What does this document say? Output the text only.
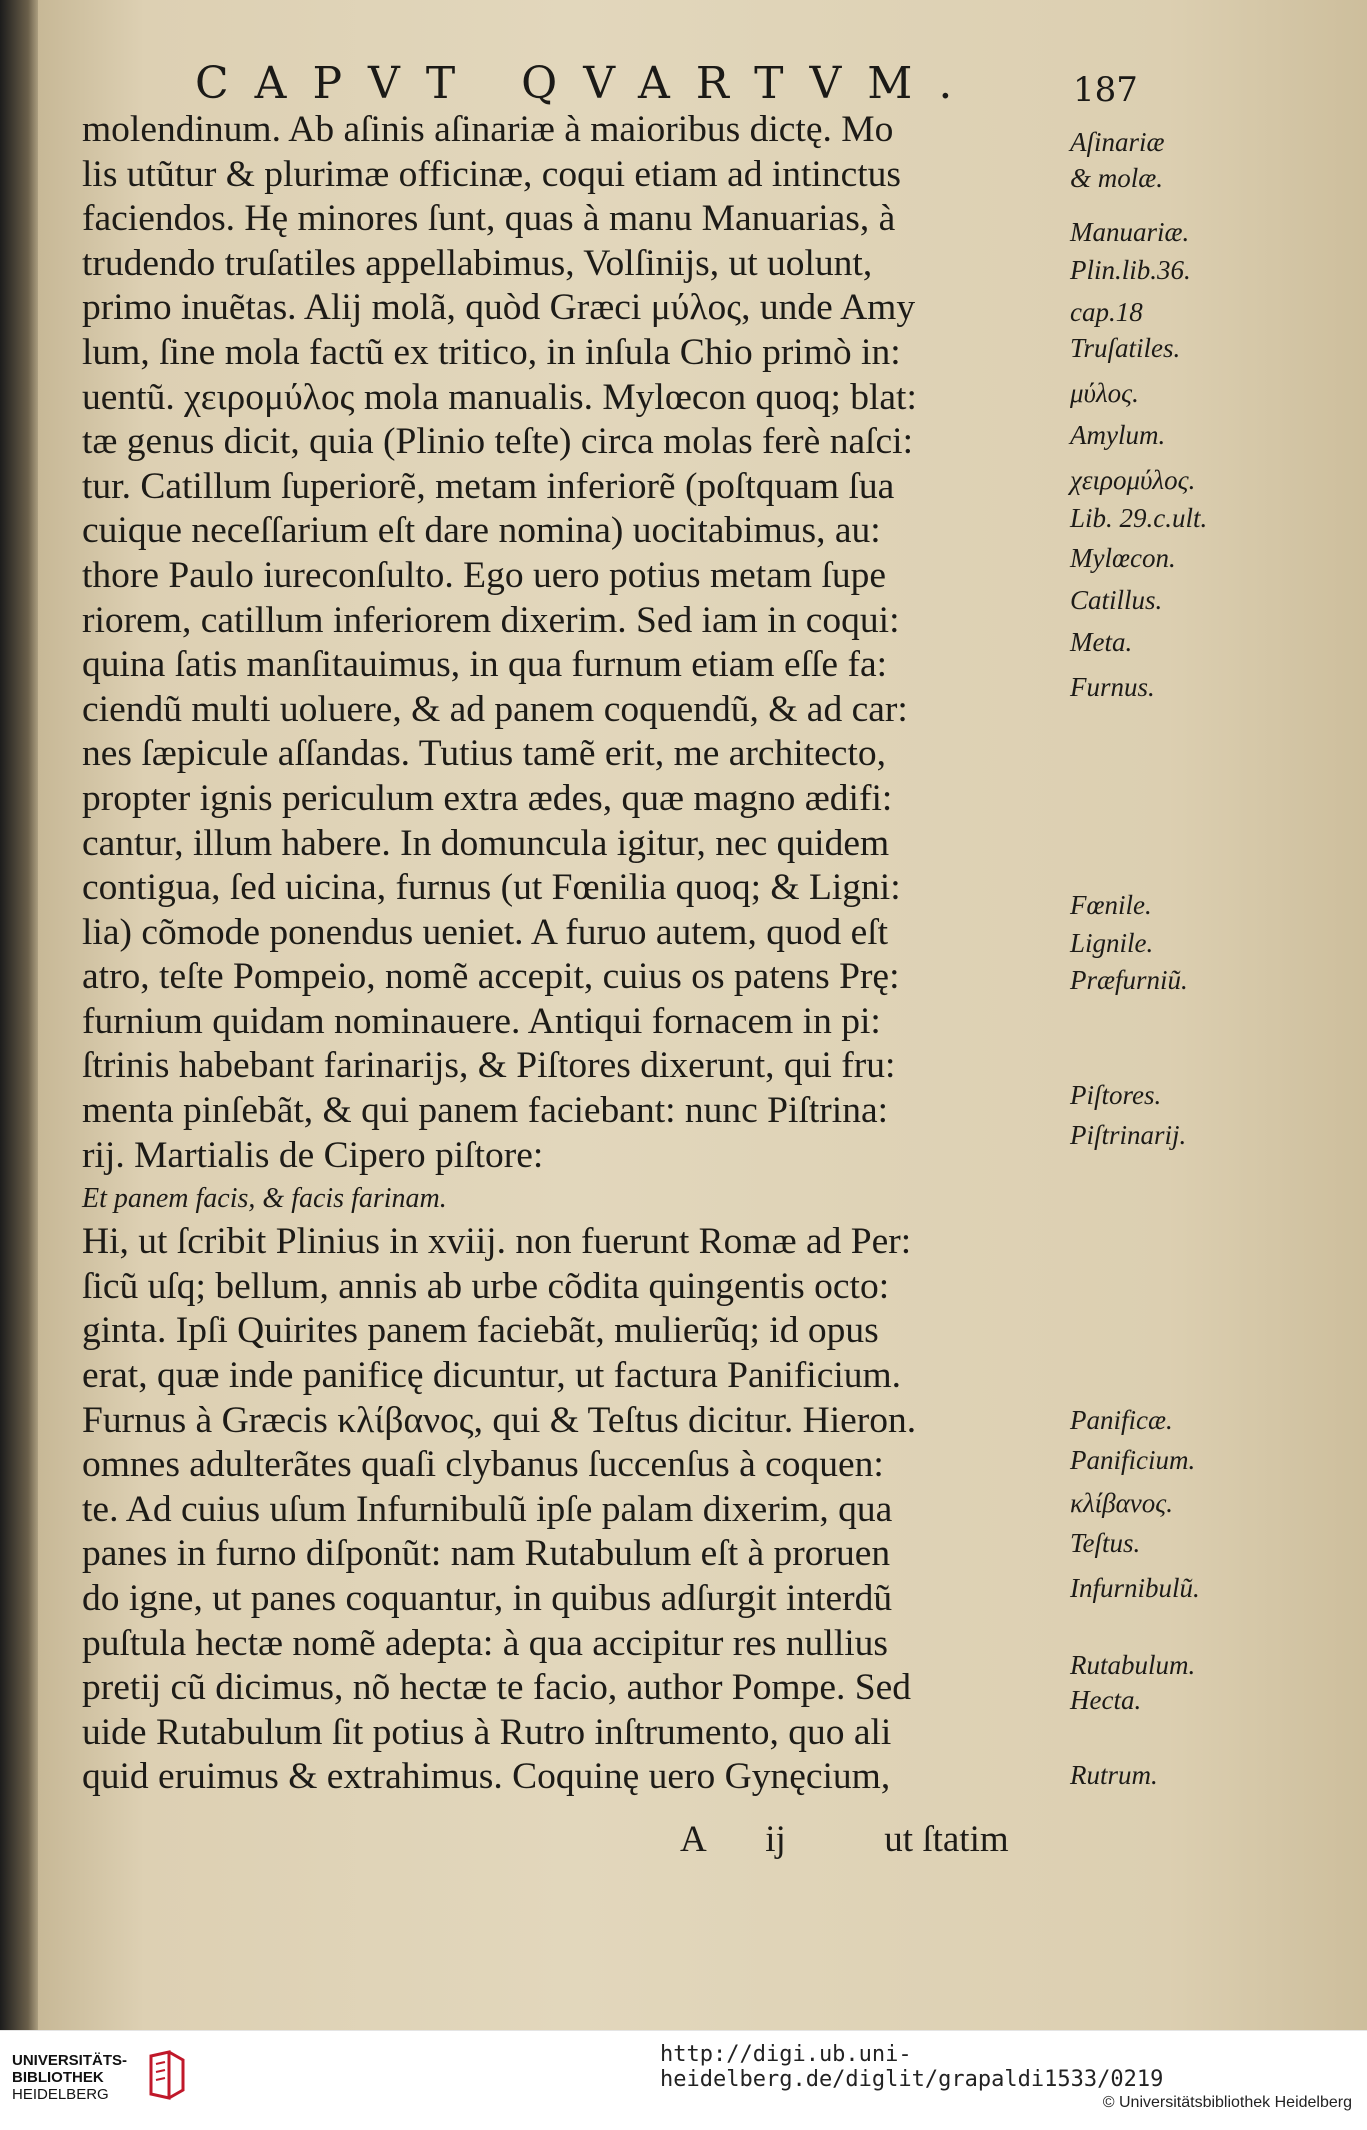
CAPVT QVARTVM.	187
molendinum. Ab aſinis aſinariæ à maioribus dictę. Mo
lis utũtur & plurimæ officinæ, coqui etiam ad intinctus
faciendos. Hę minores ſunt, quas à manu Manuarias, à
trudendo truſatiles appellabimus, Volſinijs, ut uolunt,
primo inuẽtas. Alij molã, quòd Græci μύλος, unde Amy
lum, ſine mola factũ ex tritico, in inſula Chio primò in:
uentũ. χειρομύλος mola manualis. Mylœcon quoq; blat:
tæ genus dicit, quia (Plinio teſte) circa molas ferè naſci:
tur. Catillum ſuperiorẽ, metam inferiorẽ (poſtquam ſua
cuique neceſſarium eſt dare nomina) uocitabimus, au:
thore Paulo iureconſulto. Ego uero potius metam ſupe
riorem, catillum inferiorem dixerim. Sed iam in coqui:
quina ſatis manſitauimus, in qua furnum etiam eſſe fa:
ciendũ multi uoluere, & ad panem coquendũ, & ad car:
nes ſæpicule aſſandas. Tutius tamẽ erit, me architecto,
propter ignis periculum extra ædes, quæ magno ædifi:
cantur, illum habere. In domuncula igitur, nec quidem
contigua, ſed uicina, furnus (ut Fœnilia quoq; & Ligni:
lia) cõmode ponendus ueniet. A furuo autem, quod eſt
atro, teſte Pompeio, nomẽ accepit, cuius os patens Prę:
furnium quidam nominauere. Antiqui fornacem in pi:
ſtrinis habebant farinarijs, & Piſtores dixerunt, qui fru:
menta pinſebãt, & qui panem faciebant: nunc Piſtrina:
rij. Martialis de Cipero piſtore:
Et panem facis, & facis farinam.
Hi, ut ſcribit Plinius in xviij. non fuerunt Romæ ad Per:
ſicũ uſq; bellum, annis ab urbe cõdita quingentis octo:
ginta. Ipſi Quirites panem faciebãt, mulierũq; id opus
erat, quæ inde panificę dicuntur, ut factura Panificium.
Furnus à Græcis κλίβανος, qui & Teſtus dicitur. Hieron.
omnes adulterãtes quaſi clybanus ſuccenſus à coquen:
te. Ad cuius uſum Infurnibulũ ipſe palam dixerim, qua
panes in furno diſponũt: nam Rutabulum eſt à proruen
do igne, ut panes coquantur, in quibus adſurgit interdũ
puſtula hectæ nomẽ adepta: à qua accipitur res nullius
pretij cũ dicimus, nõ hectæ te facio, author Pompe. Sed
uide Rutabulum ſit potius à Rutro inſtrumento, quo ali
quid eruimus & extrahimus. Coquinę uero Gynęcium,
Aſinariæ
& molæ.
Manuariæ.
Plin.lib.36.
cap.18
Truſatiles.
μύλος.
Amylum.
χειρομύλος.
Lib. 29.c.ult.
Mylœcon.
Catillus.
Meta.
Furnus.
Fœnile.
Lignile.
Præfurniũ.
Piſtores.
Piſtrinarij.
Panificæ.
Panificium.
κλίβανος.
Teſtus.
Infurnibulũ.
Rutabulum.
Hecta.
Rutrum.
A ij	ut ſtatim
UNIVERSITÄTS-
BIBLIOTHEK
HEIDELBERG
http://digi.ub.uni-heidelberg.de/diglit/grapaldi1533/0219
© Universitätsbibliothek Heidelberg
